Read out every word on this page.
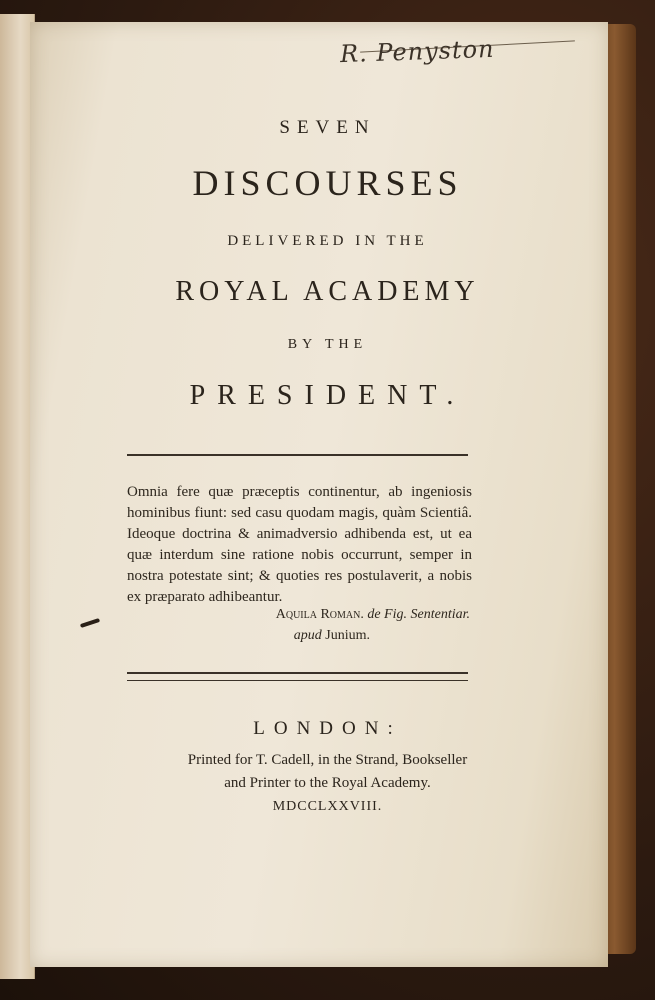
R. Penyston
SEVEN
DISCOURSES
DELIVERED IN THE
ROYAL ACADEMY
BY THE
PRESIDENT.

Omnia fere quæ præceptis continentur, ab ingeniosis hominibus fiunt: sed casu quodam magis, quàm Scientiâ. Ideoque doctrina & animadversio adhibenda est, ut ea quæ interdum sine ratione nobis occurrunt, semper in nostra potestate sint; & quoties res postulaverit, a nobis ex præparato adhibeantur.

Aquila Roman. de Fig. Sententiar.
apud Junium.
LONDON:
Printed for T. Cadell, in the Strand, Bookseller
and Printer to the Royal Academy.
MDCCLXXVIII.
